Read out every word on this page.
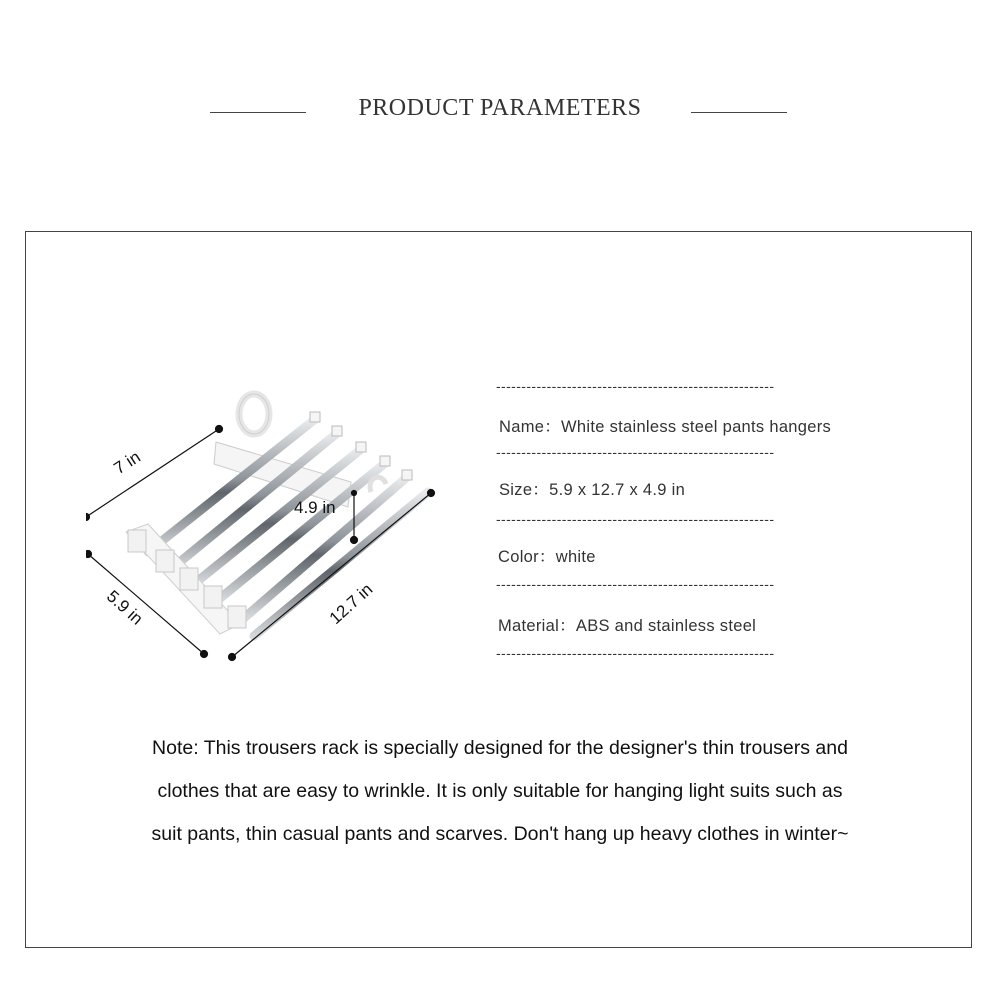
PRODUCT PARAMETERS
7 in
5.9 in
4.9 in
12.7 in
-------------------------------------------------------
Name：White stainless steel pants hangers
-------------------------------------------------------
Size：5.9 x 12.7 x 4.9 in
-------------------------------------------------------
Color：white
-------------------------------------------------------
Material：ABS and stainless steel
-------------------------------------------------------
Note: This trousers rack is specially designed for the designer's thin trousers and
clothes that are easy to wrinkle. It is only suitable for hanging light suits such as
suit pants, thin casual pants and scarves. Don't hang up heavy clothes in winter~
